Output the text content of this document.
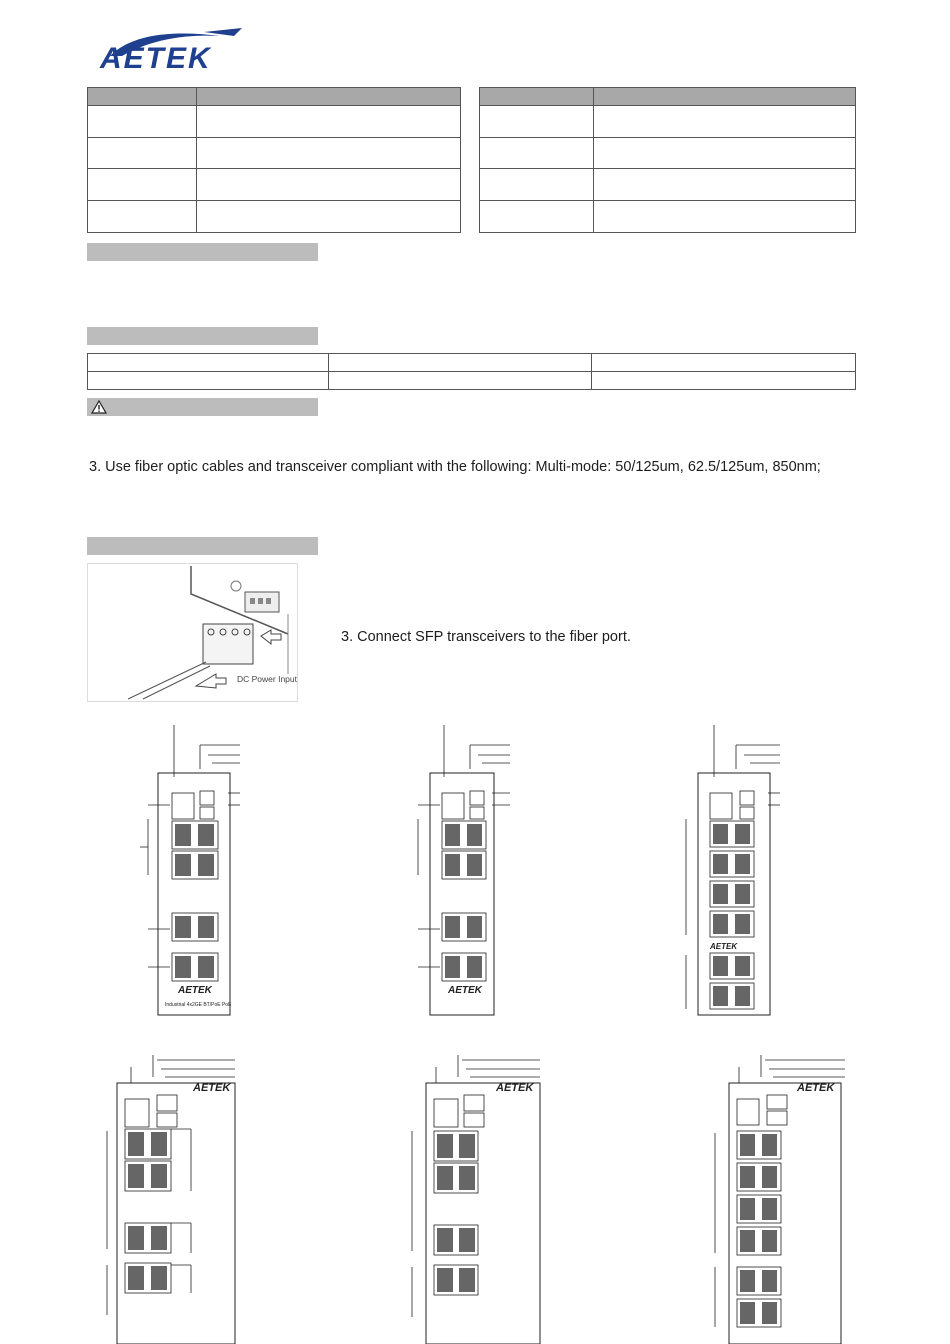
AETEK

3. Use fiber optic cables and transceiver compliant with the following: Multi-mode: 50/125um, 62.5/125um, 850nm;
DC Power Input
3. Connect SFP transceivers to the fiber port.
Industrial 4x2GE BT/PoE PoE
AETEK	AETEK
AETEK
AETEK	AETEK	AETEK
